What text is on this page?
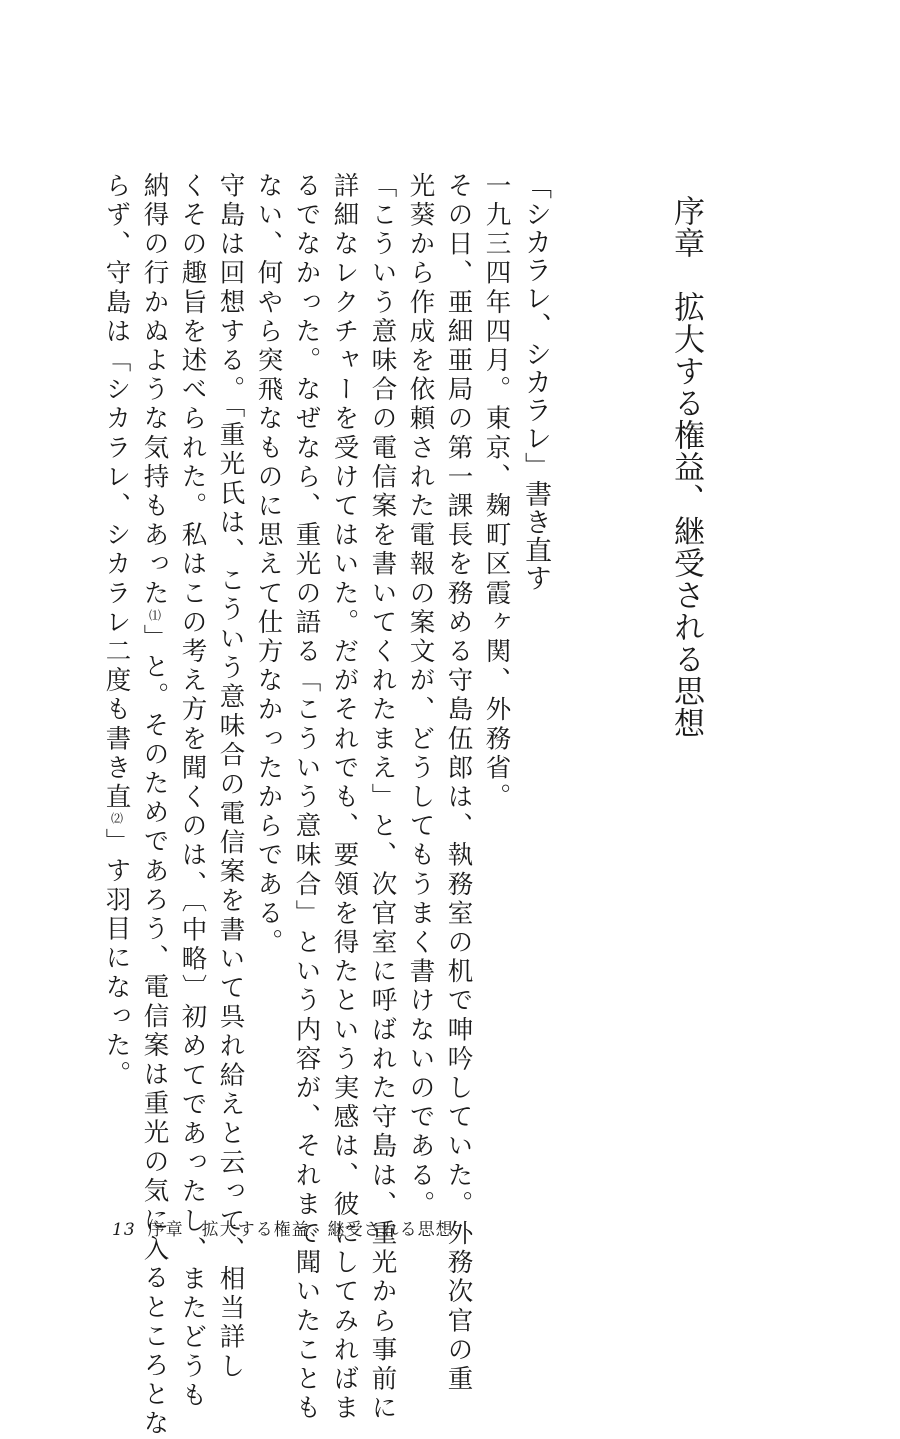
序章　拡大する権益、継受される思想
「シカラレ、シカラレ」書き直す
一九三四年四月。東京、麹町区霞ヶ関、外務省。
その日、亜細亜局の第一課長を務める守島伍郎は、執務室の机で呻吟していた。外務次官の重
光葵から作成を依頼された電報の案文が、どうしてもうまく書けないのである。
「こういう意味合の電信案を書いてくれたまえ」と、次官室に呼ばれた守島は、重光から事前に
詳細なレクチャーを受けてはいた。だがそれでも、要領を得たという実感は、彼にしてみればま
るでなかった。なぜなら、重光の語る「こういう意味合」という内容が、それまで聞いたことも
ない、何やら突飛なものに思えて仕方なかったからである。
守島は回想する。「重光氏は、こういう意味合の電信案を書いて呉れ給えと云って、相当詳し
くその趣旨を述べられた。私はこの考え方を聞くのは、〔中略〕初めてであったし、またどうも
納得の行かぬような気持もあった⑴」と。そのためであろう、電信案は重光の気に入るところとな
らず、守島は「シカラレ、シカラレ二度も書き直⑵」す羽目になった。
13 序章　拡大する権益、継受される思想
